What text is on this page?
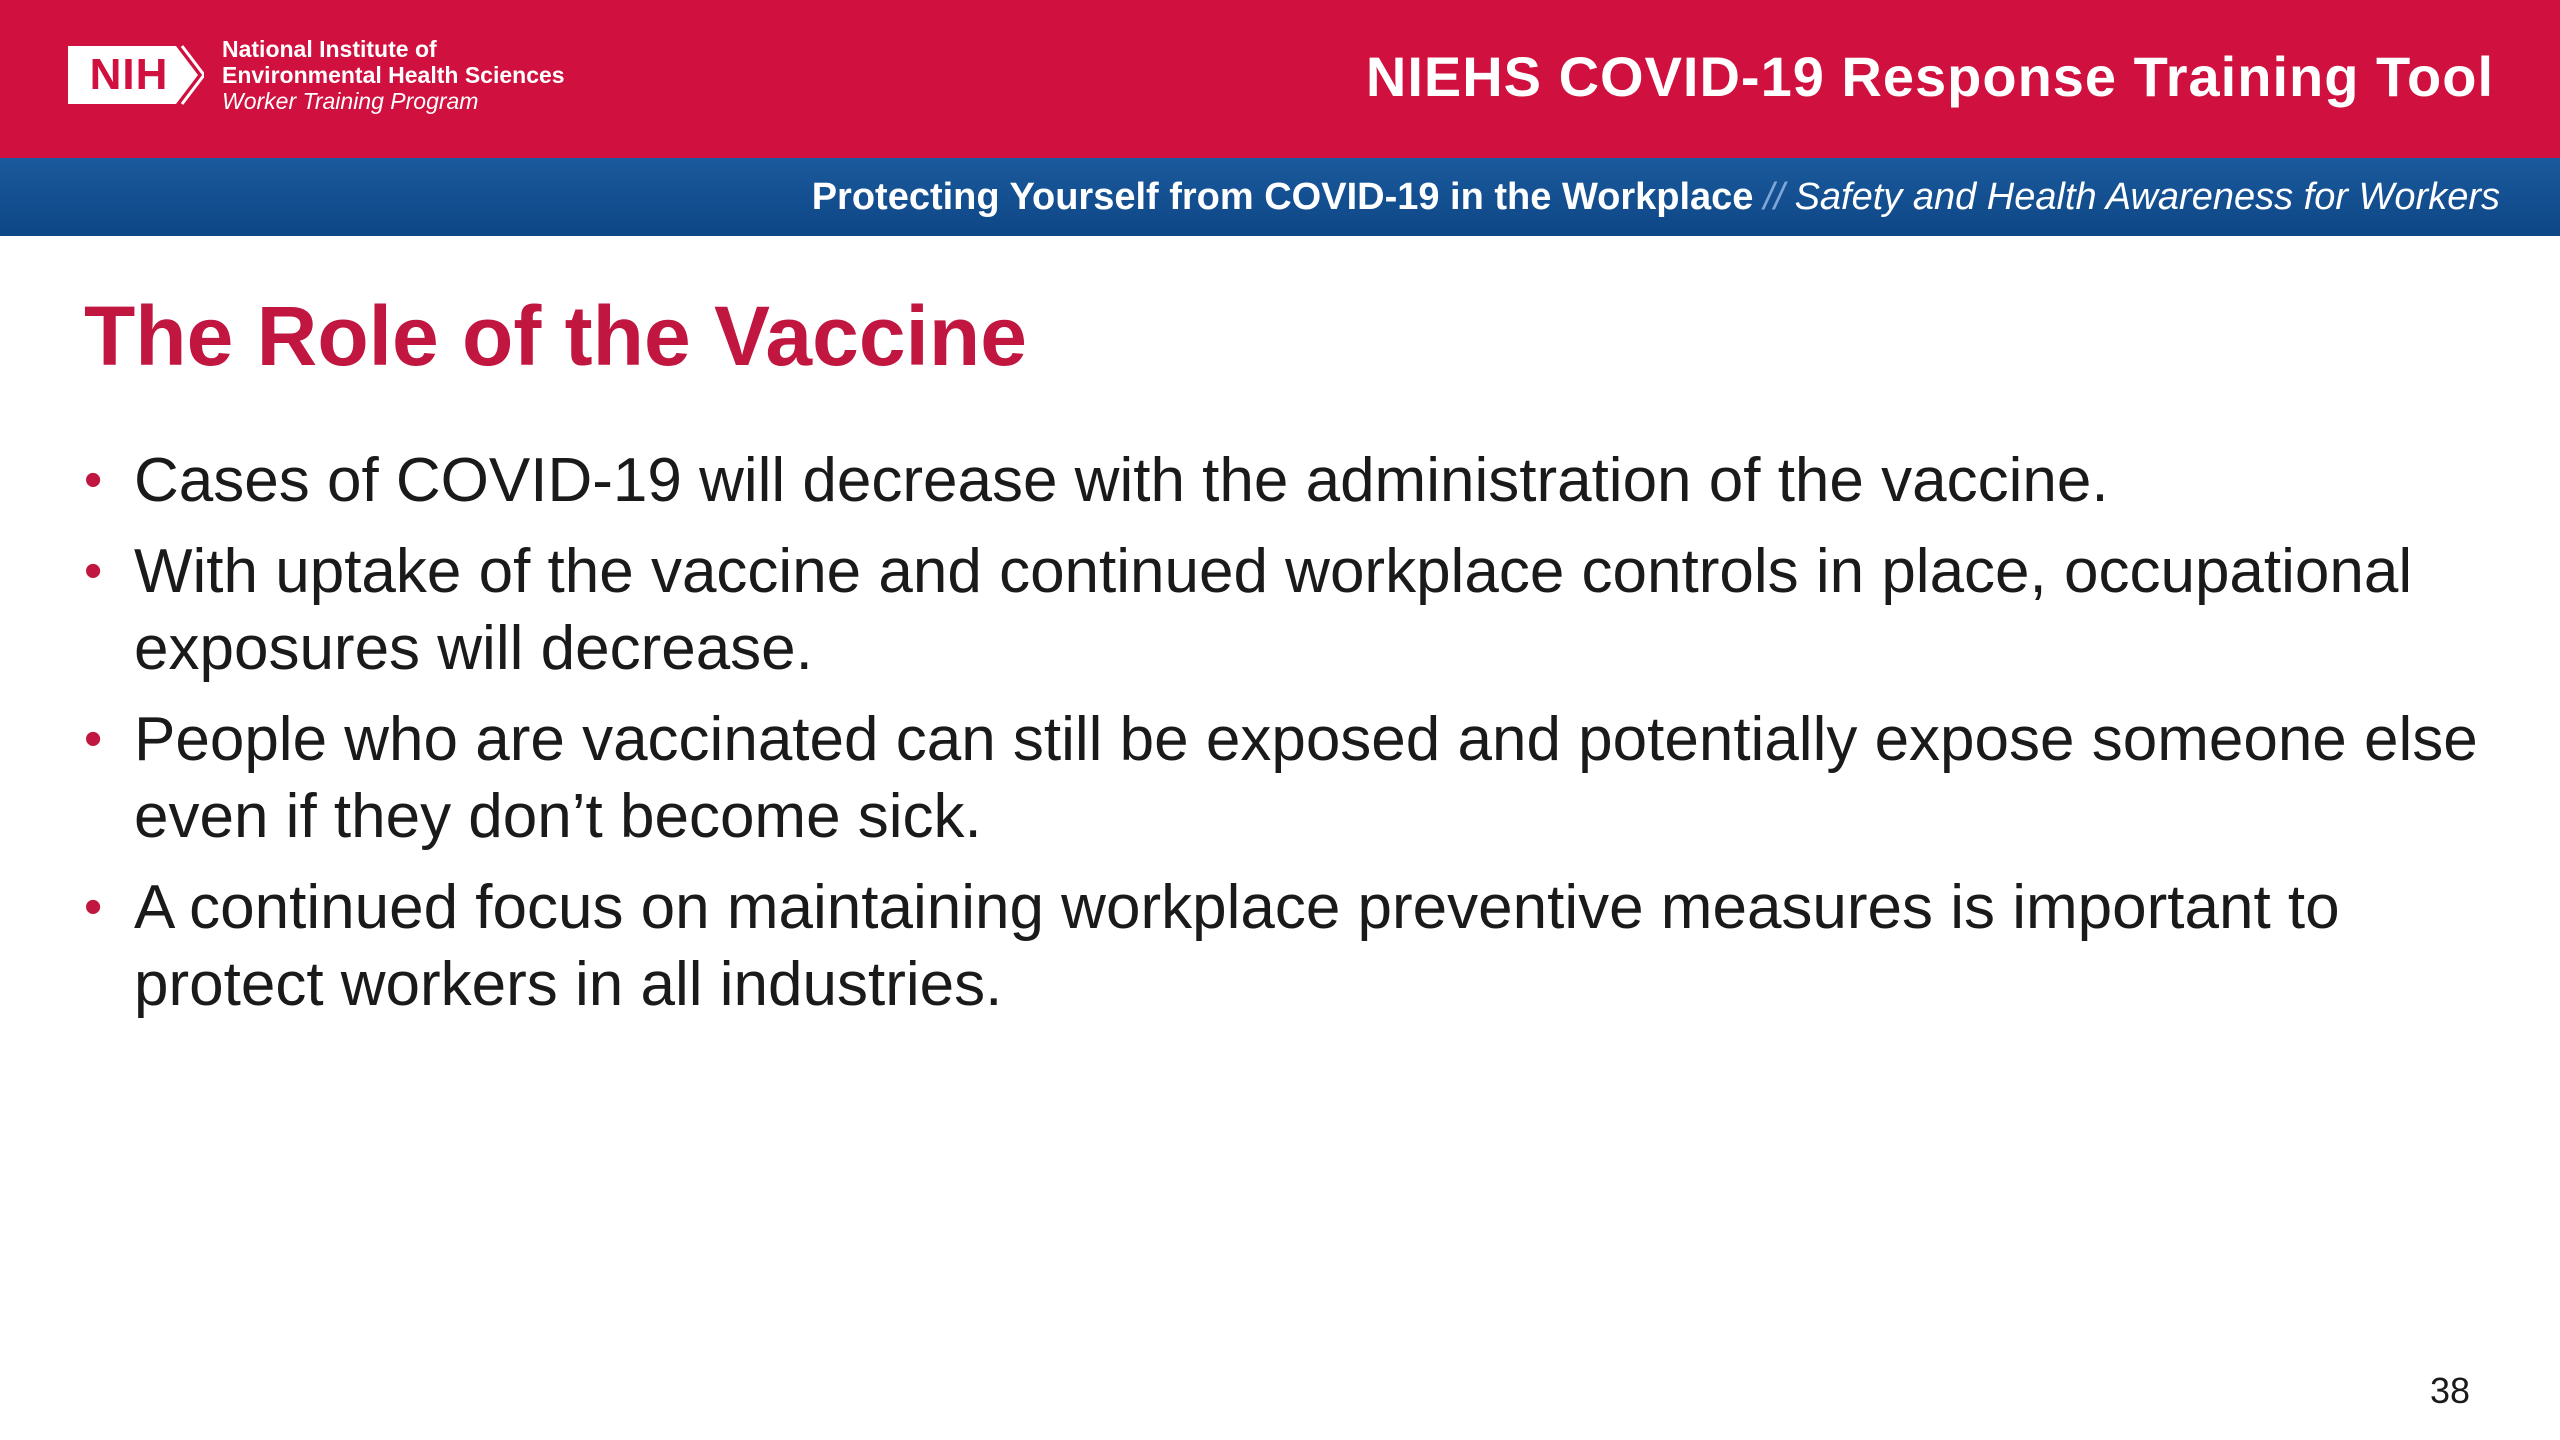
NIH
National Institute of
Environmental Health Sciences
Worker Training Program	NIEHS COVID-19 Response Training Tool
Protecting Yourself from COVID-19 in the Workplace // Safety and Health Awareness for Workers
The Role of the Vaccine
• Cases of COVID-19 will decrease with the administration of the vaccine.
• With uptake of the vaccine and continued workplace controls in place, occupational exposures will decrease.
• People who are vaccinated can still be exposed and potentially expose someone else even if they don’t become sick.
• A continued focus on maintaining workplace preventive measures is important to protect workers in all industries.
38
